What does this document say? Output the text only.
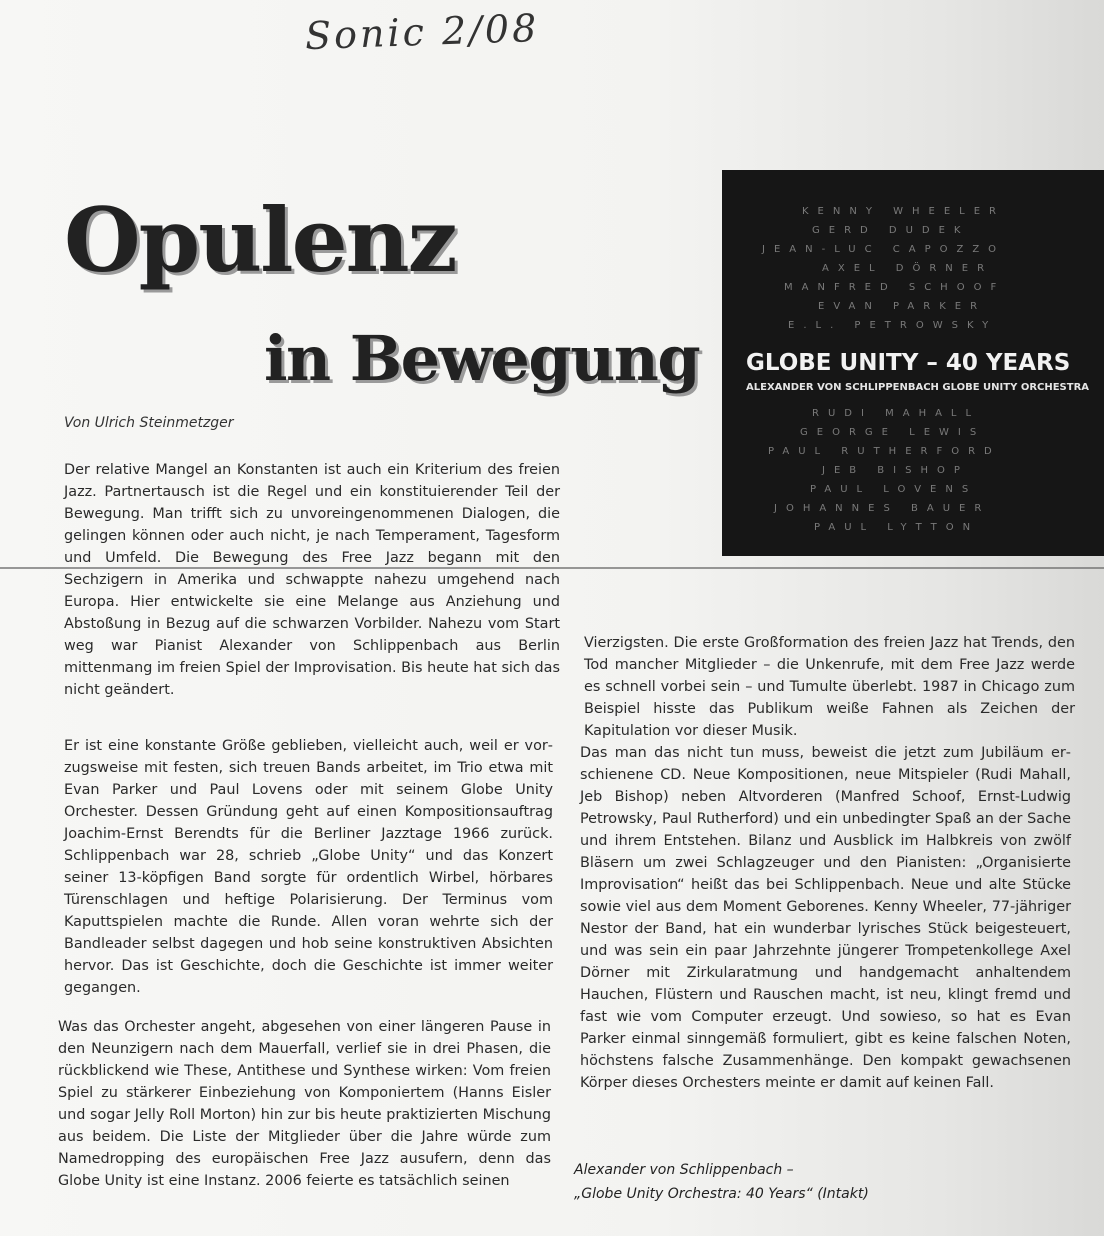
Sonic 2/08
Opulenz
in Bewegung
Von Ulrich Steinmetzger

Der relative Mangel an Konstanten ist auch ein Kriterium des freien Jazz. Partnertausch ist die Regel und ein konstituierender Teil der Bewegung. Man trifft sich zu unvoreingenommenen Dialogen, die gelingen können oder auch nicht, je nach Temperament, Tagesform und Umfeld. Die Bewegung des Free Jazz begann mit den Sechzigern in Amerika und schwappte nahezu umgehend nach Europa. Hier entwickelte sie eine Melange aus Anziehung und Abstoßung in Bezug auf die schwarzen Vorbilder. Nahezu vom Start weg war Pianist Alexander von Schlippenbach aus Berlin mittenmang im freien Spiel der Improvisation. Bis heute hat sich das nicht geändert.

Er ist eine konstante Größe geblieben, vielleicht auch, weil er vorzugsweise mit festen, sich treuen Bands arbeitet, im Trio etwa mit Evan Parker und Paul Lovens oder mit seinem Globe Unity Orchester. Dessen Gründung geht auf einen Kompositionsauftrag Joachim-Ernst Berendts für die Berliner Jazztage 1966 zurück. Schlippenbach war 28, schrieb „Globe Unity“ und das Konzert seiner 13-köpfigen Band sorgte für ordentlich Wirbel, hörbares Türenschlagen und heftige Polarisierung. Der Terminus vom Kaputtspielen machte die Runde. Allen voran wehrte sich der Bandleader selbst dagegen und hob seine konstruktiven Absichten hervor. Das ist Geschichte, doch die Geschichte ist immer weiter gegangen.

Was das Orchester angeht, abgesehen von einer längeren Pause in den Neunzigern nach dem Mauerfall, verlief sie in drei Phasen, die rückblickend wie These, Antithese und Synthese wirken: Vom freien Spiel zu stärkerer Einbeziehung von Komponiertem (Hanns Eisler und sogar Jelly Roll Morton) hin zur bis heute praktizierten Mischung aus beidem. Die Liste der Mitglieder über die Jahre würde zum Namedropping des europäischen Free Jazz ausufern, denn das Globe Unity ist eine Instanz. 2006 feierte es tatsächlich seinen

Vierzigsten. Die erste Großformation des freien Jazz hat Trends, den Tod mancher Mitglieder – die Unkenrufe, mit dem Free Jazz werde es schnell vorbei sein – und Tumulte überlebt. 1987 in Chicago zum Beispiel hisste das Publikum weiße Fahnen als Zeichen der Kapitulation vor dieser Musik.

Das man das nicht tun muss, beweist die jetzt zum Jubiläum erschienene CD. Neue Kompositionen, neue Mitspieler (Rudi Mahall, Jeb Bishop) neben Altvorderen (Manfred Schoof, Ernst-Ludwig Petrowsky, Paul Rutherford) und ein unbedingter Spaß an der Sache und ihrem Entstehen. Bilanz und Ausblick im Halbkreis von zwölf Bläsern um zwei Schlagzeuger und den Pianisten: „Organisierte Improvisation“ heißt das bei Schlippenbach. Neue und alte Stücke sowie viel aus dem Moment Geborenes. Kenny Wheeler, 77-jähriger Nestor der Band, hat ein wunderbar lyrisches Stück beigesteuert, und was sein ein paar Jahrzehnte jüngerer Trompetenkollege Axel Dörner mit Zirkularatmung und handgemacht anhaltendem Hauchen, Flüstern und Rauschen macht, ist neu, klingt fremd und fast wie vom Computer erzeugt. Und sowieso, so hat es Evan Parker einmal sinngemäß formuliert, gibt es keine falschen Noten, höchstens falsche Zusammenhänge. Den kompakt gewachsenen Körper dieses Orchesters meinte er damit auf keinen Fall.

KENNY WHEELER
GERD DUDEK
JEAN-LUC CAPOZZO
AXEL DÖRNER
MANFRED SCHOOF
EVAN PARKER
E.L. PETROWSKY
GLOBE UNITY – 40 YEARS
ALEXANDER VON SCHLIPPENBACH GLOBE UNITY ORCHESTRA
RUDI MAHALL
GEORGE LEWIS
PAUL RUTHERFORD
JEB BISHOP
PAUL LOVENS
JOHANNES BAUER
PAUL LYTTON
Alexander von Schlippenbach –
„Globe Unity Orchestra: 40 Years“ (Intakt)
